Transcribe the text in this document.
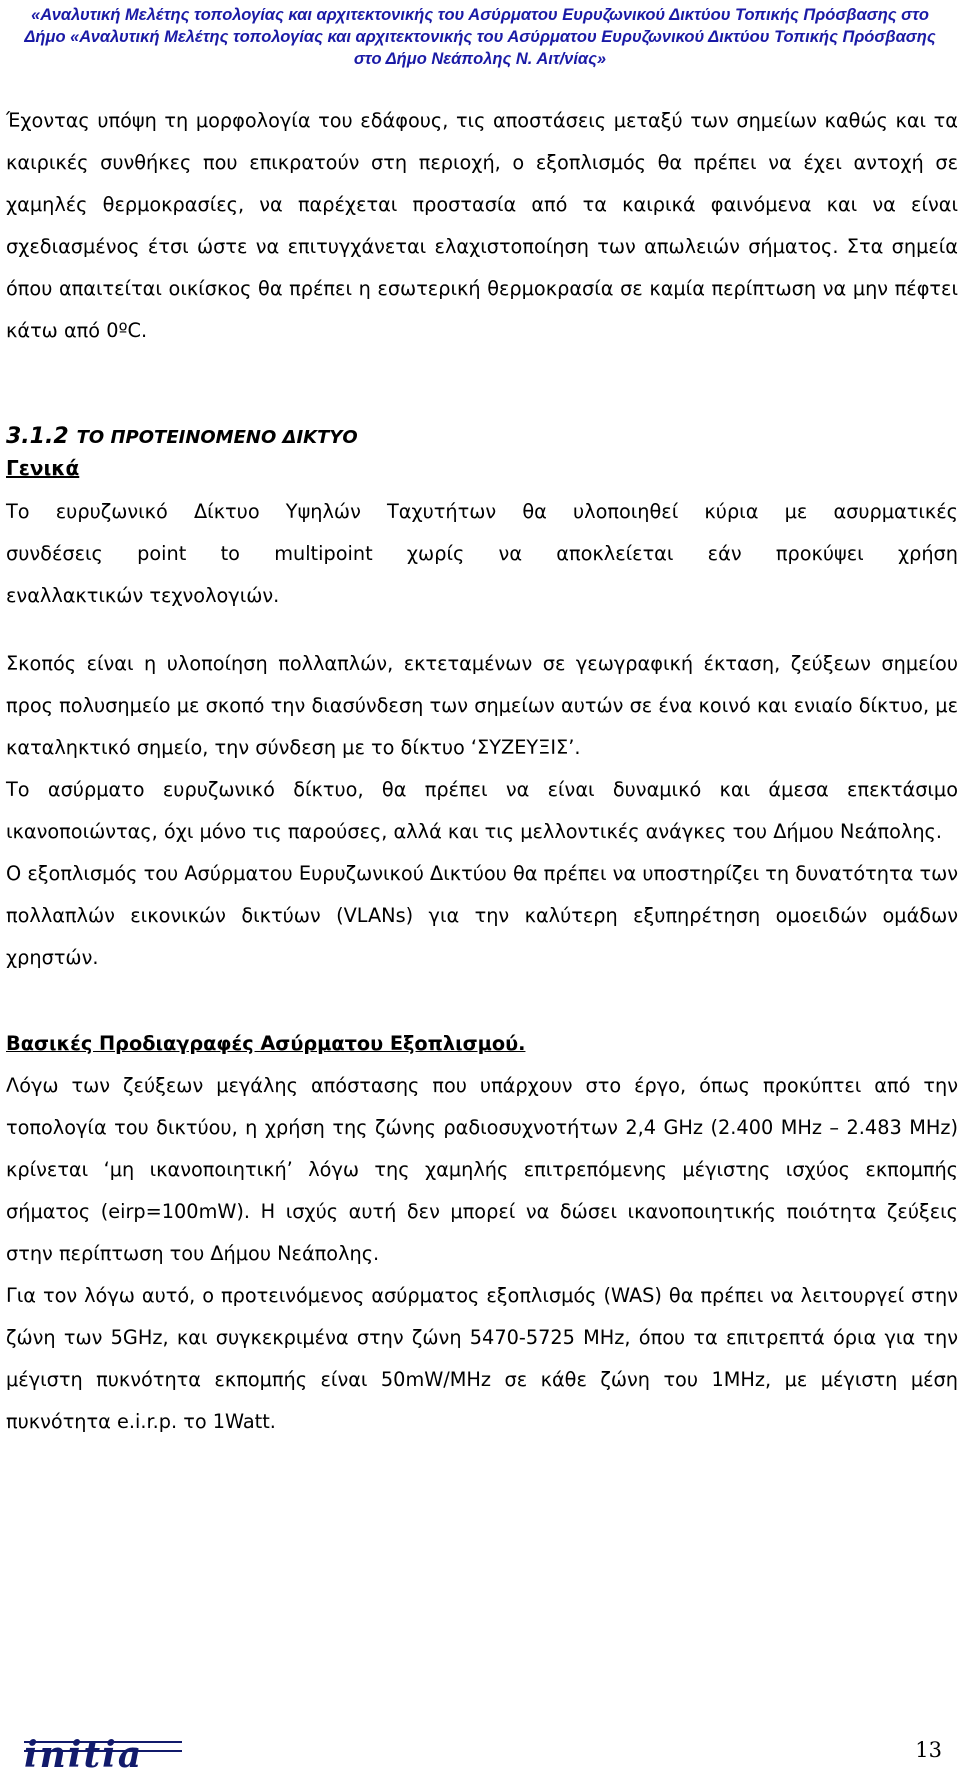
«Αναλυτική Μελέτης τοπολογίας και αρχιτεκτονικής του Ασύρματου Ευρυζωνικού Δικτύου Τοπικής Πρόσβασης στο
Δήμο «Αναλυτική Μελέτης τοπολογίας και αρχιτεκτονικής του Ασύρματου Ευρυζωνικού Δικτύου Τοπικής Πρόσβασης
στο Δήμο Νεάπολης Ν. Αιτ/νίας»

Έχοντας υπόψη τη μορφολογία του εδάφους, τις αποστάσεις μεταξύ των σημείων καθώς και τα καιρικές συνθήκες που επικρατούν στη περιοχή, ο εξοπλισμός θα πρέπει να έχει αντοχή σε χαμηλές θερμοκρασίες, να παρέχεται προστασία από τα καιρικά φαινόμενα και να είναι σχεδιασμένος έτσι ώστε να επιτυγχάνεται ελαχιστοποίηση των απωλειών σήματος. Στα σημεία όπου απαιτείται οικίσκος θα πρέπει η εσωτερική θερμοκρασία σε καμία περίπτωση να μην πέφτει κάτω από 0ºC.

3.1.2 ΤΟ ΠΡΟΤΕΙΝΟΜΕΝΟ ΔΙΚΤΥΟ
Γενικά

Το ευρυζωνικό Δίκτυο Υψηλών Ταχυτήτων θα υλοποιηθεί κύρια με ασυρματικές

συνδέσεις point to multipoint χωρίς να αποκλείεται εάν προκύψει χρήση

εναλλακτικών τεχνολογιών.

Σκοπός είναι η υλοποίηση πολλαπλών, εκτεταμένων σε γεωγραφική έκταση, ζεύξεων σημείου προς πολυσημείο με σκοπό την διασύνδεση των σημείων αυτών σε ένα κοινό και ενιαίο δίκτυο, με καταληκτικό σημείο, την σύνδεση με το δίκτυο ‘ΣΥΖΕΥΞΙΣ’.

Το ασύρματο ευρυζωνικό δίκτυο, θα πρέπει να είναι δυναμικό και άμεσα επεκτάσιμο ικανοποιώντας, όχι μόνο τις παρούσες, αλλά και τις μελλοντικές ανάγκες του Δήμου Νεάπολης.

Ο εξοπλισμός του Ασύρματου Ευρυζωνικού Δικτύου θα πρέπει να υποστηρίζει τη δυνατότητα των πολλαπλών εικονικών δικτύων (VLANs) για την καλύτερη εξυπηρέτηση ομοειδών ομάδων χρηστών.

Βασικές Προδιαγραφές Ασύρματου Εξοπλισμού.

Λόγω των ζεύξεων μεγάλης απόστασης που υπάρχουν στο έργο, όπως προκύπτει από την τοπολογία του δικτύου, η χρήση της ζώνης ραδιοσυχνοτήτων 2,4 GHz (2.400 MHz – 2.483 MHz) κρίνεται ‘μη ικανοποιητική’ λόγω της χαμηλής επιτρεπόμενης μέγιστης ισχύος εκπομπής σήματος (eirp=100mW). Η ισχύς αυτή δεν μπορεί να δώσει ικανοποιητικής ποιότητα ζεύξεις στην περίπτωση του Δήμου Νεάπολης.

Για τον λόγω αυτό, ο προτεινόμενος ασύρματος εξοπλισμός (WAS) θα πρέπει να λειτουργεί στην ζώνη των 5GHz, και συγκεκριμένα στην ζώνη 5470-5725 MHz, όπου τα επιτρεπτά όρια για την μέγιστη πυκνότητα εκπομπής είναι 50mW/MHz σε κάθε ζώνη του 1MHz, με μέγιστη μέση πυκνότητα e.i.r.p. το 1Watt.

initia	13
